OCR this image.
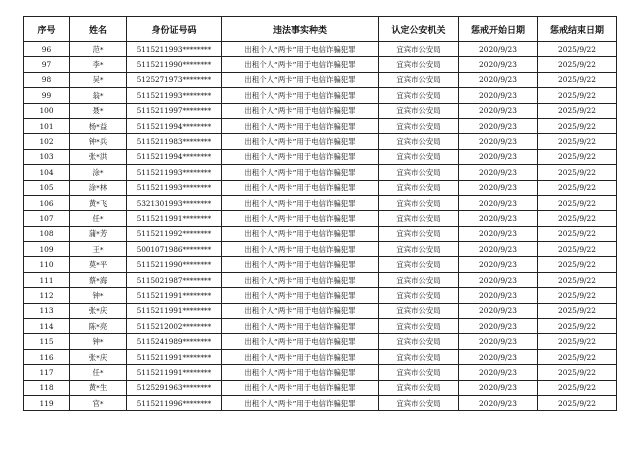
序号	姓名	身份证号码	违法事实种类	认定公安机关	惩戒开始日期	惩戒结束日期
96	范*	5115211993********	出租个人“两卡”用于电信诈骗犯罪	宜宾市公安局	2020/9/23	2025/9/22
97	李*	5115211990********	出租个人“两卡”用于电信诈骗犯罪	宜宾市公安局	2020/9/23	2025/9/22
98	吴*	5125271973********	出租个人“两卡”用于电信诈骗犯罪	宜宾市公安局	2020/9/23	2025/9/22
99	翁*	5115211993********	出租个人“两卡”用于电信诈骗犯罪	宜宾市公安局	2020/9/23	2025/9/22
100	聂*	5115211997********	出租个人“两卡”用于电信诈骗犯罪	宜宾市公安局	2020/9/23	2025/9/22
101	杨*益	5115211994********	出租个人“两卡”用于电信诈骗犯罪	宜宾市公安局	2020/9/23	2025/9/22
102	钟*兵	5115211983********	出租个人“两卡”用于电信诈骗犯罪	宜宾市公安局	2020/9/23	2025/9/22
103	张*洪	5115211994********	出租个人“两卡”用于电信诈骗犯罪	宜宾市公安局	2020/9/23	2025/9/22
104	涂*	5115211993********	出租个人“两卡”用于电信诈骗犯罪	宜宾市公安局	2020/9/23	2025/9/22
105	涂*林	5115211993********	出租个人“两卡”用于电信诈骗犯罪	宜宾市公安局	2020/9/23	2025/9/22
106	黄*飞	5321301993********	出租个人“两卡”用于电信诈骗犯罪	宜宾市公安局	2020/9/23	2025/9/22
107	任*	5115211991********	出租个人“两卡”用于电信诈骗犯罪	宜宾市公安局	2020/9/23	2025/9/22
108	蒲*芳	5115211992********	出租个人“两卡”用于电信诈骗犯罪	宜宾市公安局	2020/9/23	2025/9/22
109	王*	5001071986********	出租个人“两卡”用于电信诈骗犯罪	宜宾市公安局	2020/9/23	2025/9/22
110	莫*平	5115211990********	出租个人“两卡”用于电信诈骗犯罪	宜宾市公安局	2020/9/23	2025/9/22
111	蔡*海	5115021987********	出租个人“两卡”用于电信诈骗犯罪	宜宾市公安局	2020/9/23	2025/9/22
112	钟*	5115211991********	出租个人“两卡”用于电信诈骗犯罪	宜宾市公安局	2020/9/23	2025/9/22
113	张*庆	5115211991********	出租个人“两卡”用于电信诈骗犯罪	宜宾市公安局	2020/9/23	2025/9/22
114	陈*亮	5115212002********	出租个人“两卡”用于电信诈骗犯罪	宜宾市公安局	2020/9/23	2025/9/22
115	钟*	5115241989********	出租个人“两卡”用于电信诈骗犯罪	宜宾市公安局	2020/9/23	2025/9/22
116	张*庆	5115211991********	出租个人“两卡”用于电信诈骗犯罪	宜宾市公安局	2020/9/23	2025/9/22
117	任*	5115211991********	出租个人“两卡”用于电信诈骗犯罪	宜宾市公安局	2020/9/23	2025/9/22
118	黄*生	5125291963********	出租个人“两卡”用于电信诈骗犯罪	宜宾市公安局	2020/9/23	2025/9/22
119	官*	5115211996********	出租个人“两卡”用于电信诈骗犯罪	宜宾市公安局	2020/9/23	2025/9/22
